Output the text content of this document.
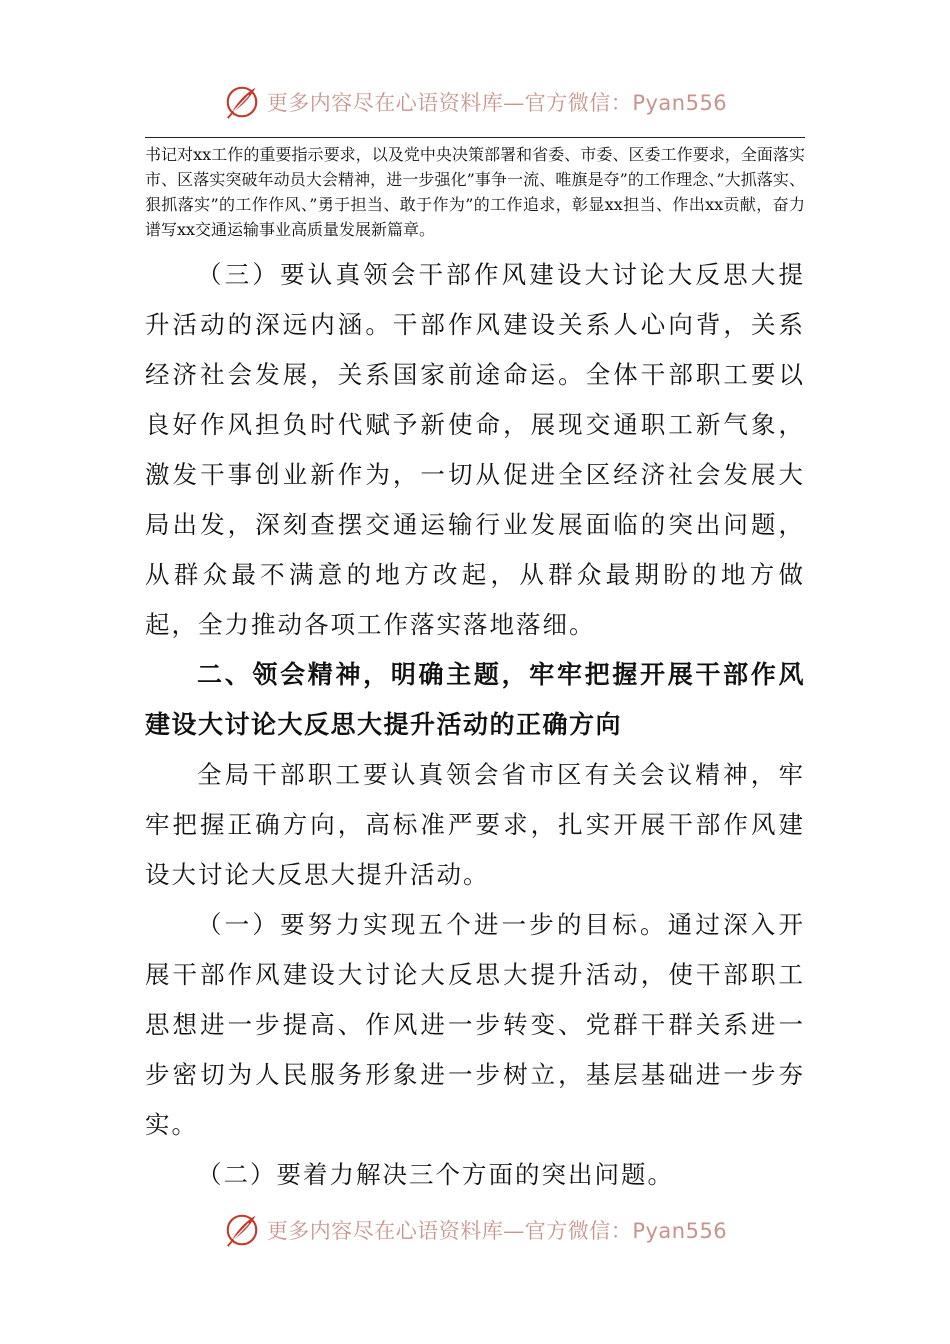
更多内容尽在心语资料库—官方微信：Pyan556

书记对xx工作的重要指示要求，以及党中央决策部署和省委、市委、区委工作要求，全面落实市、区落实突破年动员大会精神，进一步强化”事争一流、唯旗是夺”的工作理念、”大抓落实、狠抓落实”的工作作风、”勇于担当、敢于作为”的工作追求，彰显xx担当、作出xx贡献，奋力谱写xx交通运输事业高质量发展新篇章。

（三）要认真领会干部作风建设大讨论大反思大提升活动的深远内涵。干部作风建设关系人心向背，关系经济社会发展，关系国家前途命运。全体干部职工要以良好作风担负时代赋予新使命，展现交通职工新气象，激发干事创业新作为，一切从促进全区经济社会发展大局出发，深刻查摆交通运输行业发展面临的突出问题，从群众最不满意的地方改起，从群众最期盼的地方做起，全力推动各项工作落实落地落细。

二、领会精神，明确主题，牢牢把握开展干部作风建设大讨论大反思大提升活动的正确方向

全局干部职工要认真领会省市区有关会议精神，牢牢把握正确方向，高标准严要求，扎实开展干部作风建设大讨论大反思大提升活动。

（一）要努力实现五个进一步的目标。通过深入开展干部作风建设大讨论大反思大提升活动，使干部职工思想进一步提高、作风进一步转变、党群干群关系进一步密切为人民服务形象进一步树立，基层基础进一步夯实。

（二）要着力解决三个方面的突出问题。

更多内容尽在心语资料库—官方微信：Pyan556
